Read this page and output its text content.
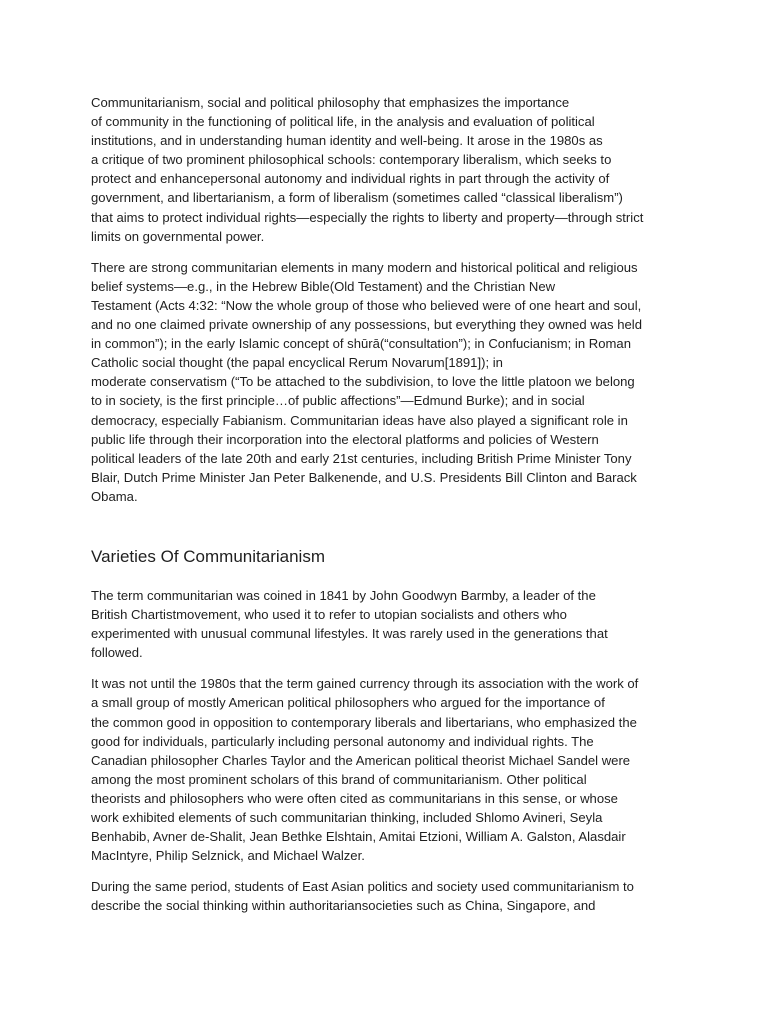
Communitarianism, social and political philosophy that emphasizes the importance
of community in the functioning of political life, in the analysis and evaluation of political
institutions, and in understanding human identity and well-being. It arose in the 1980s as
a critique of two prominent philosophical schools: contemporary liberalism, which seeks to
protect and enhancepersonal autonomy and individual rights in part through the activity of
government, and libertarianism, a form of liberalism (sometimes called “classical liberalism”)
that aims to protect individual rights—especially the rights to liberty and property—through strict
limits on governmental power.

There are strong communitarian elements in many modern and historical political and religious
belief systems—e.g., in the Hebrew Bible(Old Testament) and the Christian New
Testament (Acts 4:32: “Now the whole group of those who believed were of one heart and soul,
and no one claimed private ownership of any possessions, but everything they owned was held
in common”); in the early Islamic concept of shūrā(“consultation”); in Confucianism; in Roman
Catholic social thought (the papal encyclical Rerum Novarum[1891]); in
moderate conservatism (“To be attached to the subdivision, to love the little platoon we belong
to in society, is the first principle…of public affections”—Edmund Burke); and in social
democracy, especially Fabianism. Communitarian ideas have also played a significant role in
public life through their incorporation into the electoral platforms and policies of Western
political leaders of the late 20th and early 21st centuries, including British Prime Minister Tony
Blair, Dutch Prime Minister Jan Peter Balkenende, and U.S. Presidents Bill Clinton and Barack
Obama.

Varieties Of Communitarianism

The term communitarian was coined in 1841 by John Goodwyn Barmby, a leader of the
British Chartistmovement, who used it to refer to utopian socialists and others who
experimented with unusual communal lifestyles. It was rarely used in the generations that
followed.

It was not until the 1980s that the term gained currency through its association with the work of
a small group of mostly American political philosophers who argued for the importance of
the common good in opposition to contemporary liberals and libertarians, who emphasized the
good for individuals, particularly including personal autonomy and individual rights. The
Canadian philosopher Charles Taylor and the American political theorist Michael Sandel were
among the most prominent scholars of this brand of communitarianism. Other political
theorists and philosophers who were often cited as communitarians in this sense, or whose
work exhibited elements of such communitarian thinking, included Shlomo Avineri, Seyla
Benhabib, Avner de-Shalit, Jean Bethke Elshtain, Amitai Etzioni, William A. Galston, Alasdair
MacIntyre, Philip Selznick, and Michael Walzer.

During the same period, students of East Asian politics and society used communitarianism to
describe the social thinking within authoritariansocieties such as China, Singapore, and
